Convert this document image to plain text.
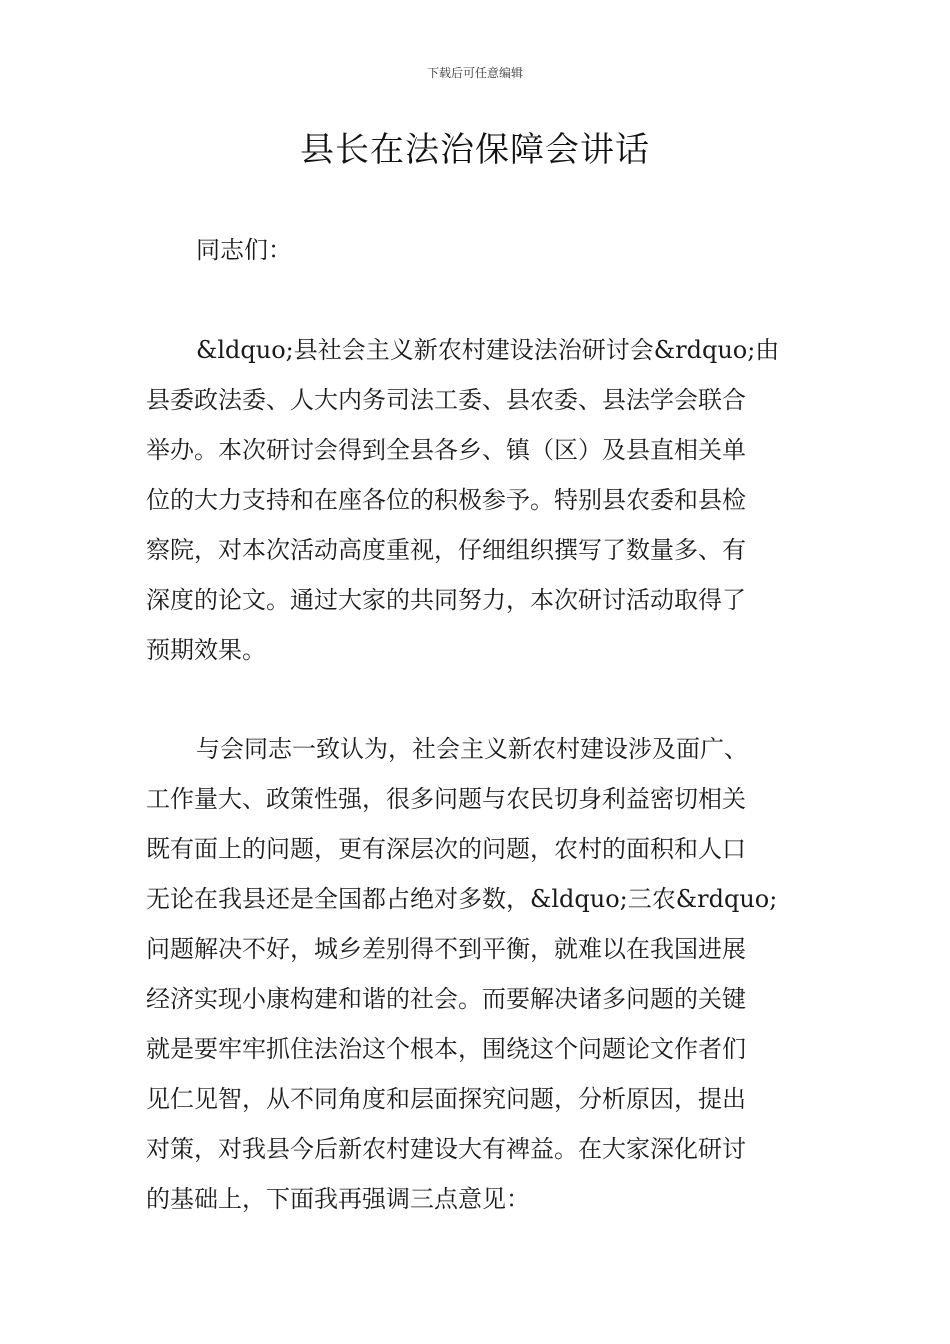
下载后可任意编辑
县长在法治保障会讲话
同志们：
&ldquo;县社会主义新农村建设法治研讨会&rdquo;由
县委政法委、人大内务司法工委、县农委、县法学会联合
举办。本次研讨会得到全县各乡、镇（区）及县直相关单
位的大力支持和在座各位的积极参予。特别县农委和县检
察院，对本次活动高度重视，仔细组织撰写了数量多、有
深度的论文。通过大家的共同努力，本次研讨活动取得了
预期效果。
与会同志一致认为，社会主义新农村建设涉及面广、
工作量大、政策性强，很多问题与农民切身利益密切相关
既有面上的问题，更有深层次的问题，农村的面积和人口
无论在我县还是全国都占绝对多数，&ldquo;三农&rdquo;
问题解决不好，城乡差别得不到平衡，就难以在我国进展
经济实现小康构建和谐的社会。而要解决诸多问题的关键
就是要牢牢抓住法治这个根本，围绕这个问题论文作者们
见仁见智，从不同角度和层面探究问题，分析原因，提出
对策，对我县今后新农村建设大有裨益。在大家深化研讨
的基础上，下面我再强调三点意见：
